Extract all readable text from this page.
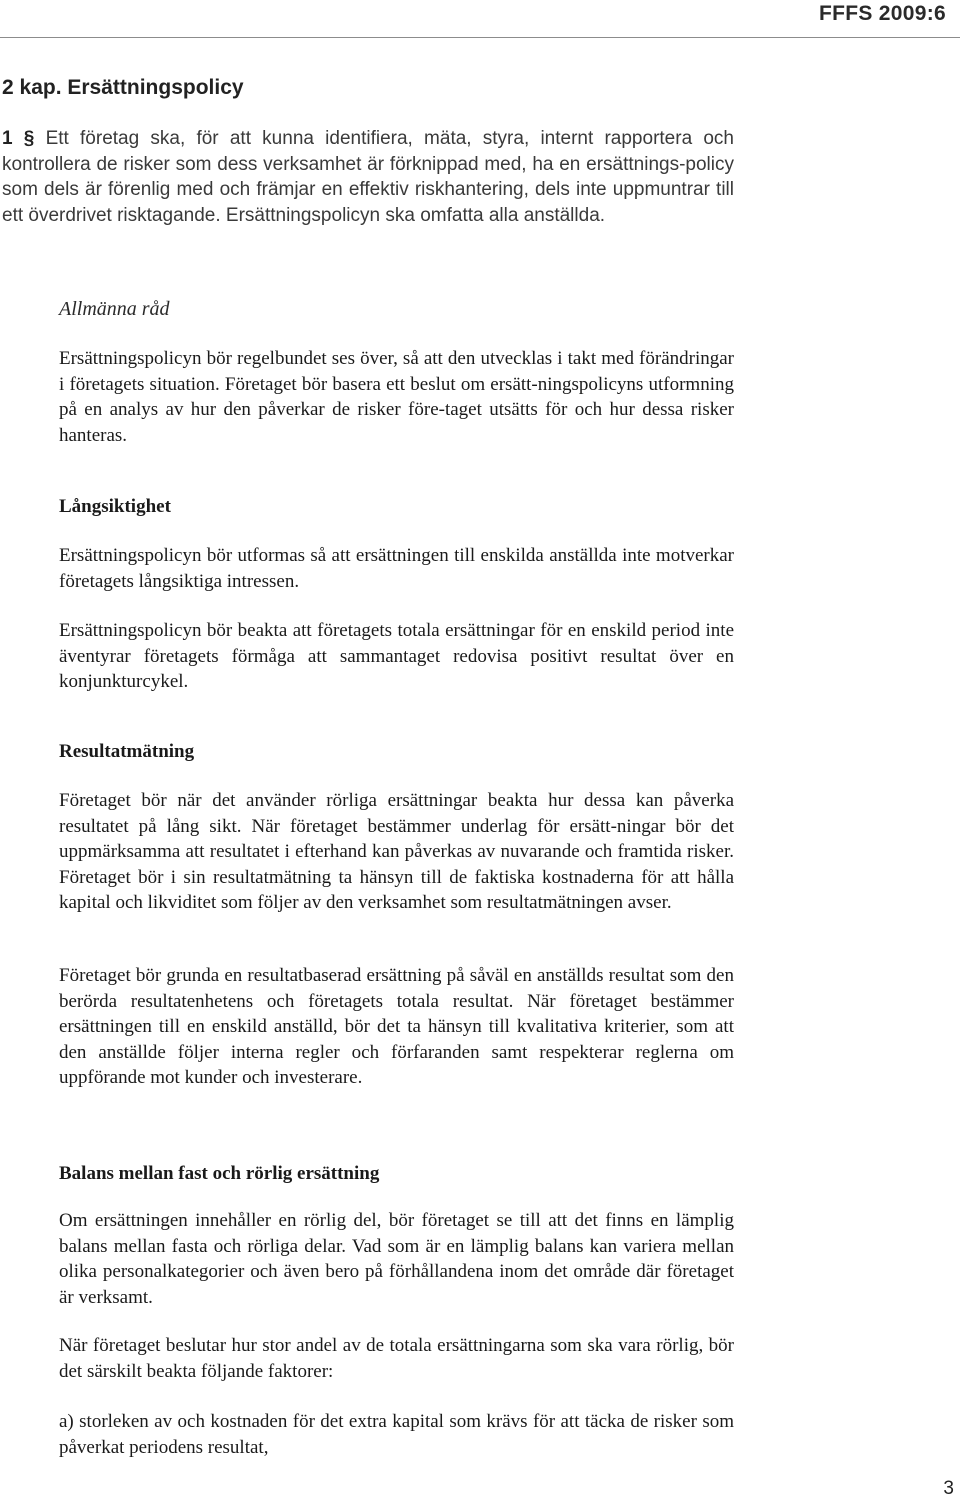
FFFS 2009:6
2 kap. Ersättningspolicy
1 § Ett företag ska, för att kunna identifiera, mäta, styra, internt rapportera och kontrollera de risker som dess verksamhet är förknippad med, ha en ersättnings-policy som dels är förenlig med och främjar en effektiv riskhantering, dels inte uppmuntrar till ett överdrivet risktagande. Ersättningspolicyn ska omfatta alla anställda.
Allmänna råd

Ersättningspolicyn bör regelbundet ses över, så att den utvecklas i takt med förändringar i företagets situation. Företaget bör basera ett beslut om ersätt-ningspolicyns utformning på en analys av hur den påverkar de risker före-taget utsätts för och hur dessa risker hanteras.

Långsiktighet

Ersättningspolicyn bör utformas så att ersättningen till enskilda anställda inte motverkar företagets långsiktiga intressen.

Ersättningspolicyn bör beakta att företagets totala ersättningar för en enskild period inte äventyrar företagets förmåga att sammantaget redovisa positivt resultat över en konjunkturcykel.

Resultatmätning

Företaget bör när det använder rörliga ersättningar beakta hur dessa kan påverka resultatet på lång sikt. När företaget bestämmer underlag för ersätt-ningar bör det uppmärksamma att resultatet i efterhand kan påverkas av nuvarande och framtida risker. Företaget bör i sin resultatmätning ta hänsyn till de faktiska kostnaderna för att hålla kapital och likviditet som följer av den verksamhet som resultatmätningen avser.

Företaget bör grunda en resultatbaserad ersättning på såväl en anställds resultat som den berörda resultatenhetens och företagets totala resultat. När företaget bestämmer ersättningen till en enskild anställd, bör det ta hänsyn till kvalitativa kriterier, som att den anställde följer interna regler och förfaranden samt respekterar reglerna om uppförande mot kunder och investerare.

Balans mellan fast och rörlig ersättning

Om ersättningen innehåller en rörlig del, bör företaget se till att det finns en lämplig balans mellan fasta och rörliga delar. Vad som är en lämplig balans kan variera mellan olika personalkategorier och även bero på förhållandena inom det område där företaget är verksamt.

När företaget beslutar hur stor andel av de totala ersättningarna som ska vara rörlig, bör det särskilt beakta följande faktorer:

a) storleken av och kostnaden för det extra kapital som krävs för att täcka de risker som påverkat periodens resultat,

3
